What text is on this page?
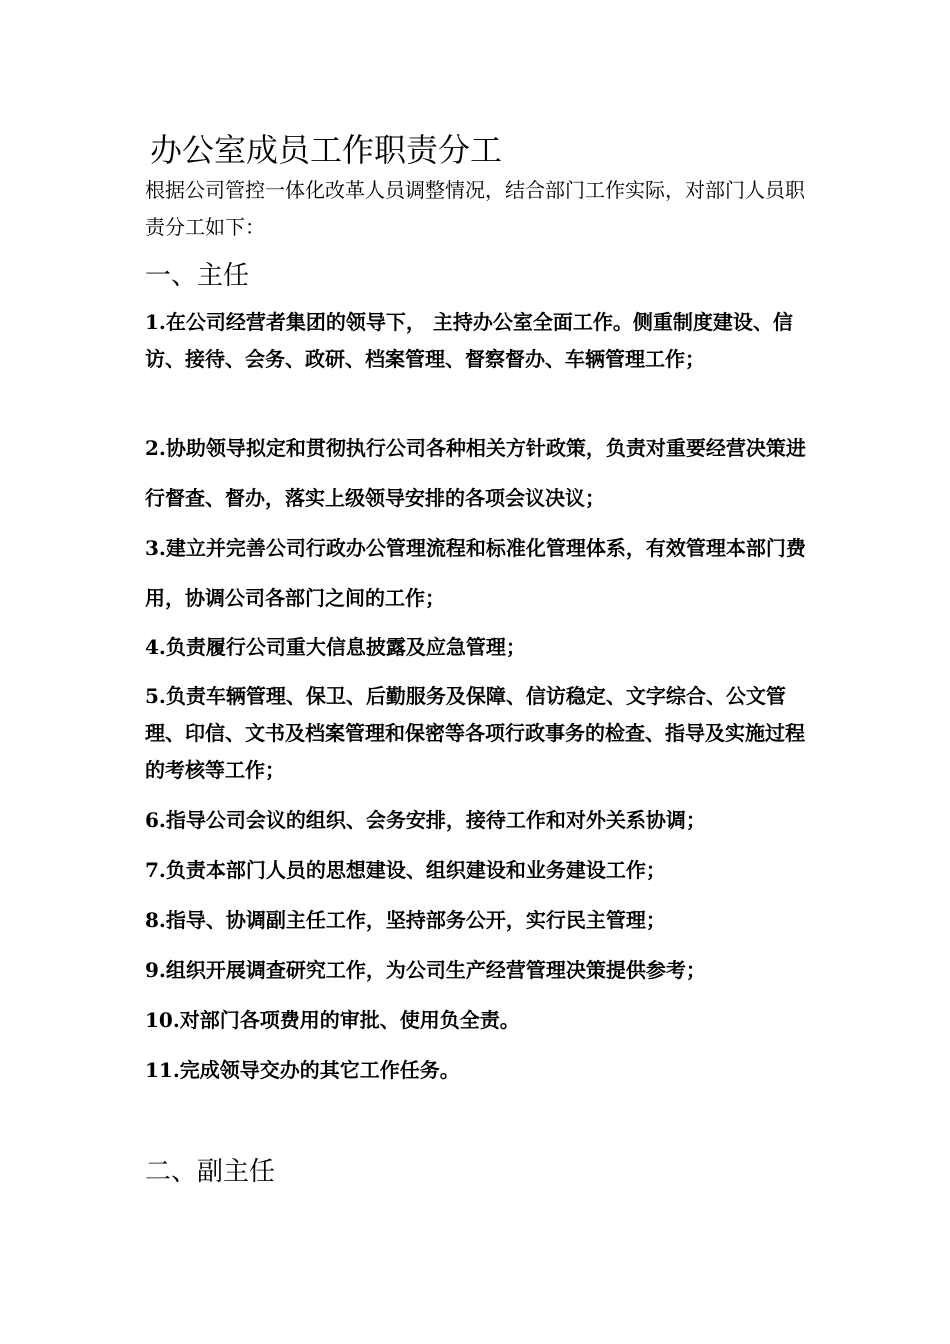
办公室成员工作职责分工
根据公司管控一体化改革人员调整情况，结合部门工作实际，对部门人员职责分工如下：
一、主任
1.在公司经营者集团的领导下， 主持办公室全面工作。侧重制度建设、信访、接待、会务、政研、档案管理、督察督办、车辆管理工作；
2.协助领导拟定和贯彻执行公司各种相关方针政策，负责对重要经营决策进行督查、督办，落实上级领导安排的各项会议决议；
3.建立并完善公司行政办公管理流程和标准化管理体系，有效管理本部门费用，协调公司各部门之间的工作；
4.负责履行公司重大信息披露及应急管理；
5.负责车辆管理、保卫、后勤服务及保障、信访稳定、文字综合、公文管理、印信、文书及档案管理和保密等各项行政事务的检查、指导及实施过程的考核等工作；
6.指导公司会议的组织、会务安排，接待工作和对外关系协调；
7.负责本部门人员的思想建设、组织建设和业务建设工作；
8.指导、协调副主任工作，坚持部务公开，实行民主管理；
9.组织开展调查研究工作，为公司生产经营管理决策提供参考；
10.对部门各项费用的审批、使用负全责。
11.完成领导交办的其它工作任务。
二、副主任
